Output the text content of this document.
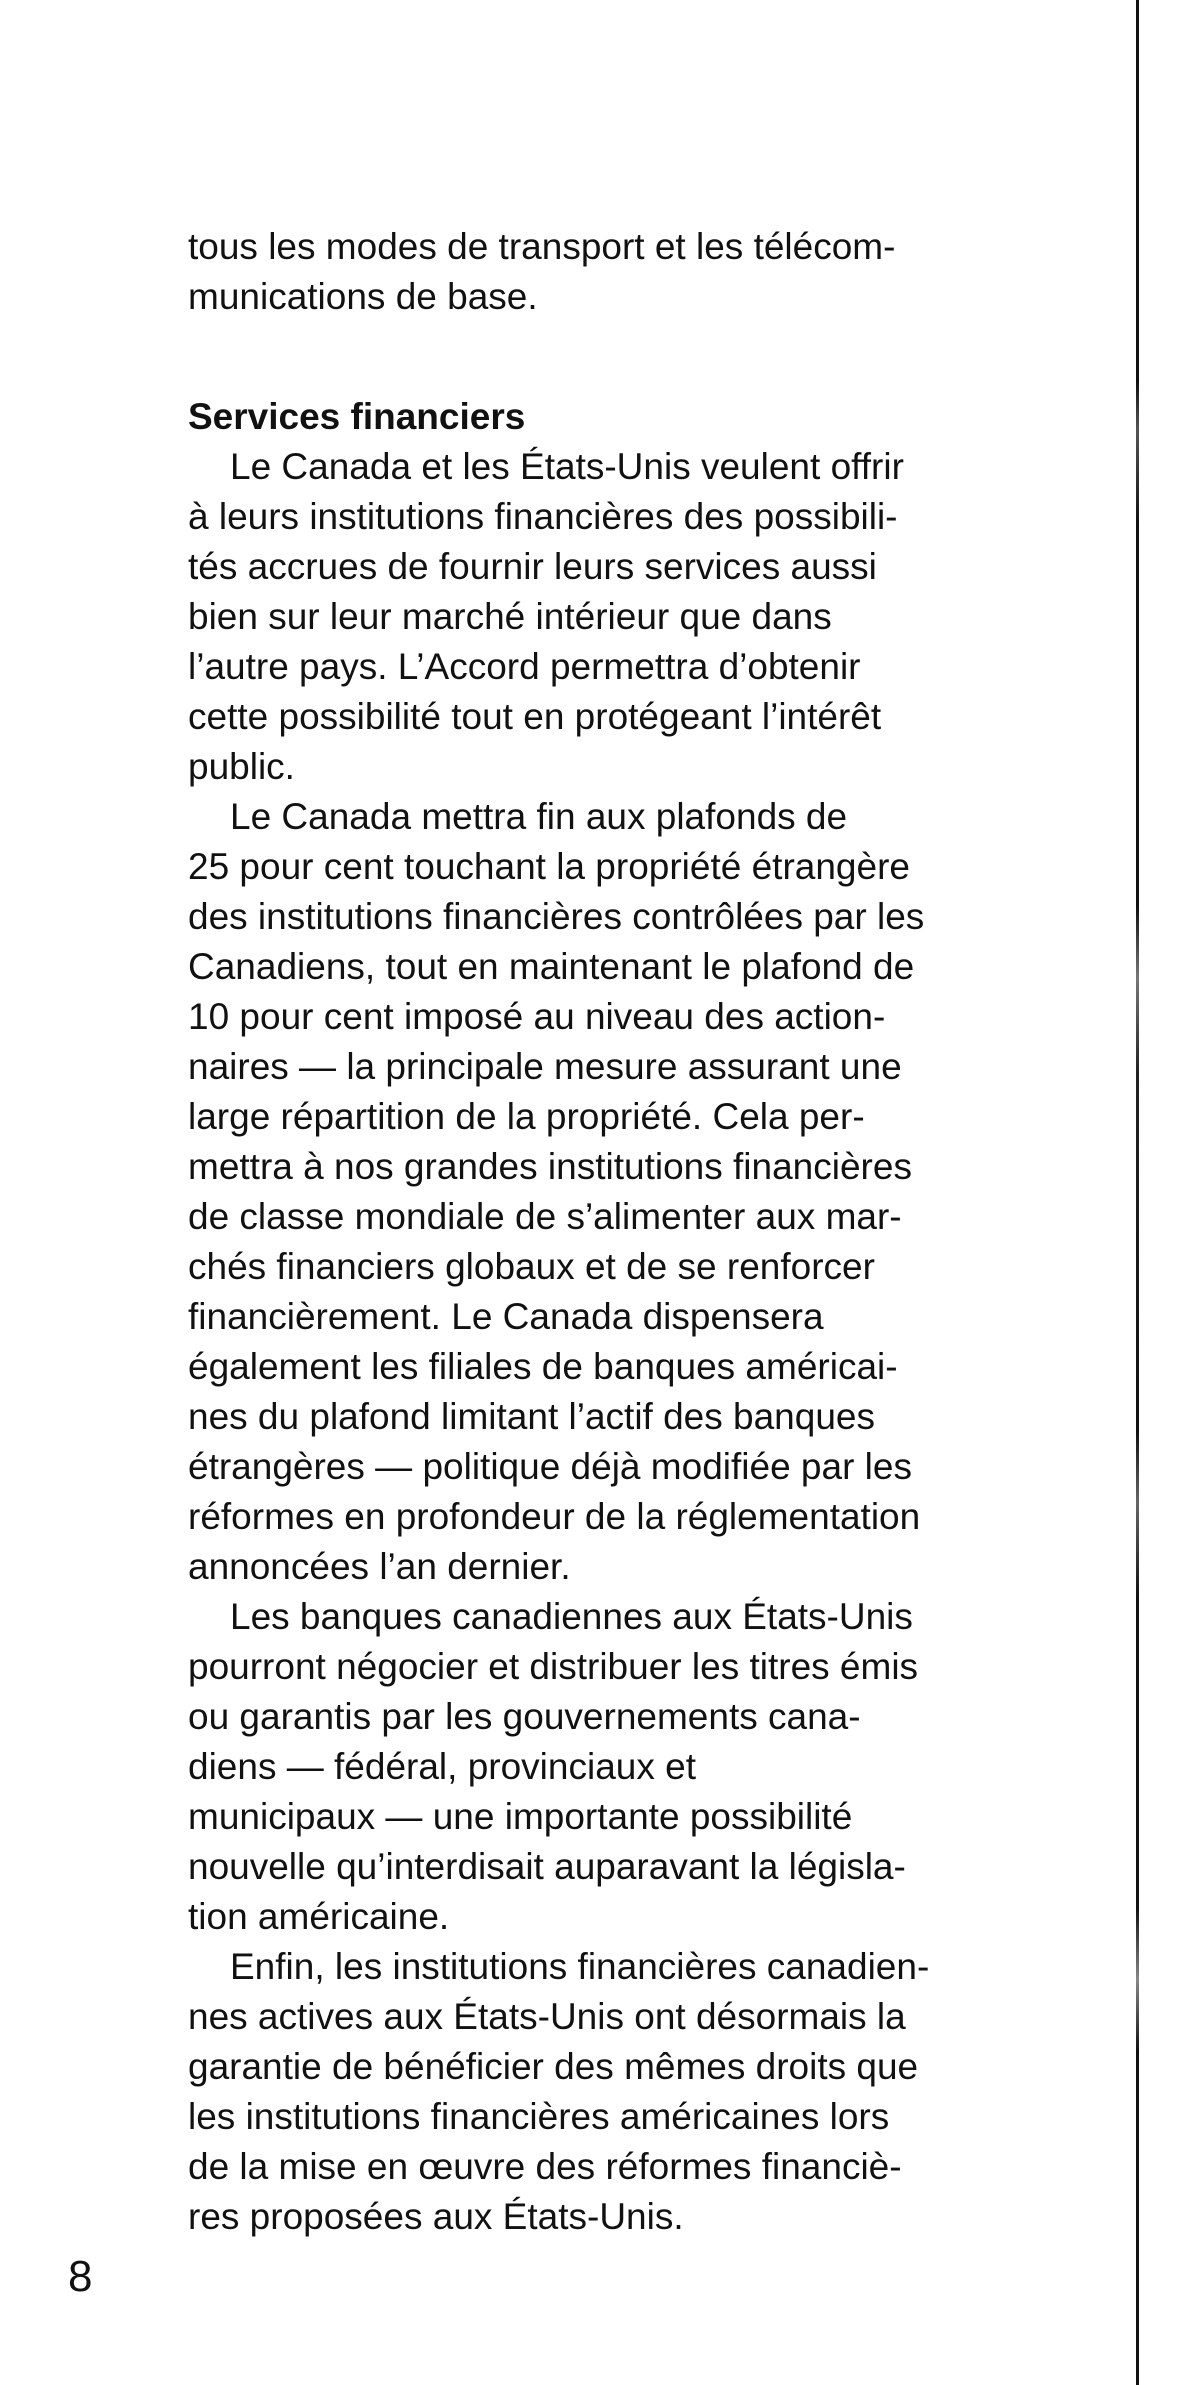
tous les modes de transport et les télécom-
munications de base.
Services financiers
Le Canada et les États-Unis veulent offrir
à leurs institutions financières des possibili-
tés accrues de fournir leurs services aussi
bien sur leur marché intérieur que dans
l’autre pays. L’Accord permettra d’obtenir
cette possibilité tout en protégeant l’intérêt
public.
Le Canada mettra fin aux plafonds de
25 pour cent touchant la propriété étrangère
des institutions financières contrôlées par les
Canadiens, tout en maintenant le plafond de
10 pour cent imposé au niveau des action-
naires — la principale mesure assurant une
large répartition de la propriété. Cela per-
mettra à nos grandes institutions financières
de classe mondiale de s’alimenter aux mar-
chés financiers globaux et de se renforcer
financièrement. Le Canada dispensera
également les filiales de banques américai-
nes du plafond limitant l’actif des banques
étrangères — politique déjà modifiée par les
réformes en profondeur de la réglementation
annoncées l’an dernier.
Les banques canadiennes aux États-Unis
pourront négocier et distribuer les titres émis
ou garantis par les gouvernements cana-
diens — fédéral, provinciaux et
municipaux — une importante possibilité
nouvelle qu’interdisait auparavant la législa-
tion américaine.
Enfin, les institutions financières canadien-
nes actives aux États-Unis ont désormais la
garantie de bénéficier des mêmes droits que
les institutions financières américaines lors
de la mise en œuvre des réformes financiè-
res proposées aux États-Unis.
8
